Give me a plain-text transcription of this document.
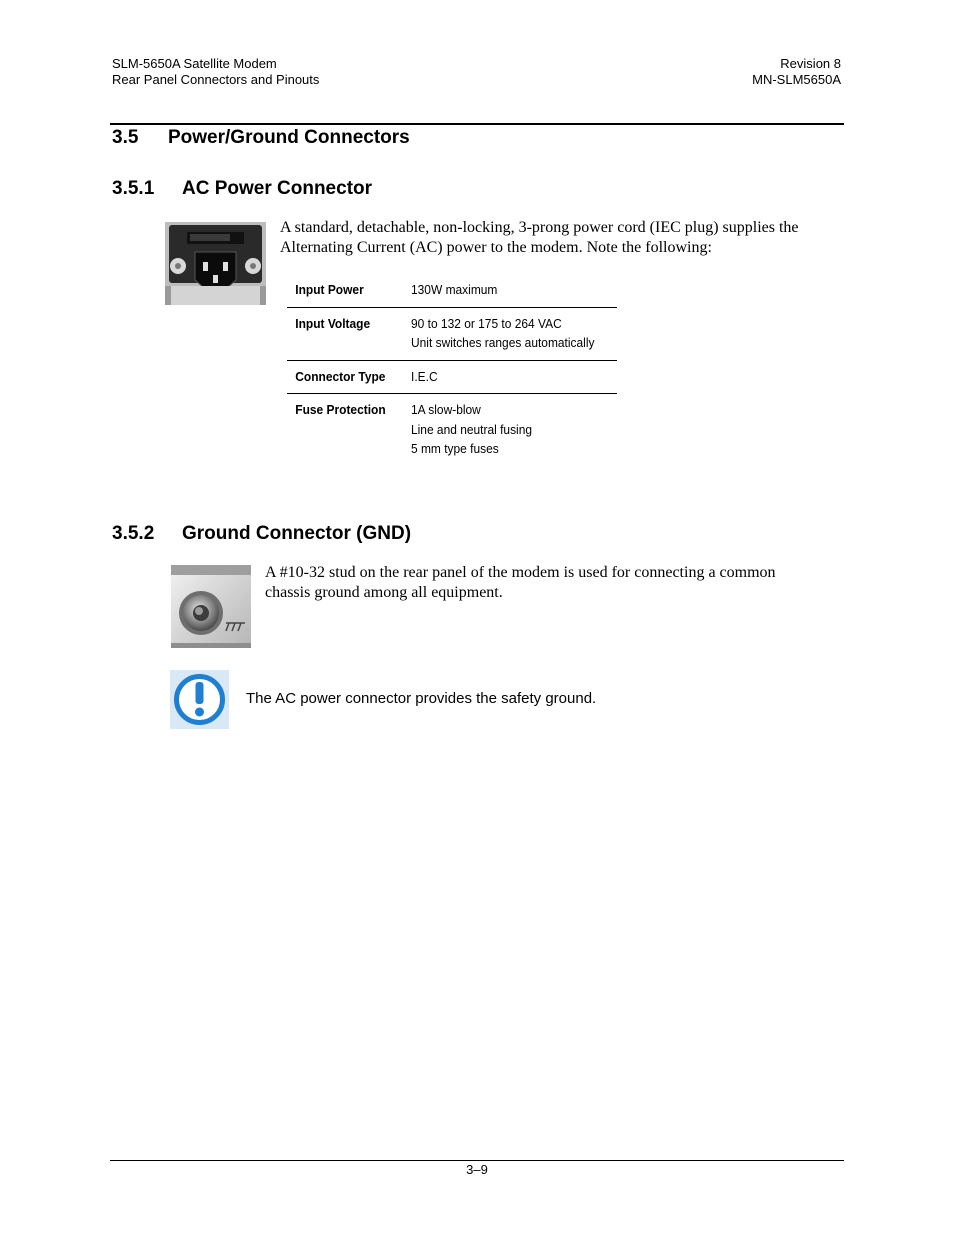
SLM-5650A Satellite Modem
Rear Panel Connectors and Pinouts
Revision 8
MN-SLM5650A
3.5 Power/Ground Connectors
3.5.1 AC Power Connector
A standard, detachable, non-locking, 3-prong power cord (IEC plug) supplies the
Alternating Current (AC) power to the modem. Note the following:
Input Power	130W maximum
Input Voltage	90 to 132 or 175 to 264 VAC
Unit switches ranges automatically
Connector Type	I.E.C
Fuse Protection	1A slow-blow
Line and neutral fusing
5 mm type fuses
3.5.2 Ground Connector (GND)
A #10-32 stud on the rear panel of the modem is used for connecting a common
chassis ground among all equipment.
The AC power connector provides the safety ground.
3–9
